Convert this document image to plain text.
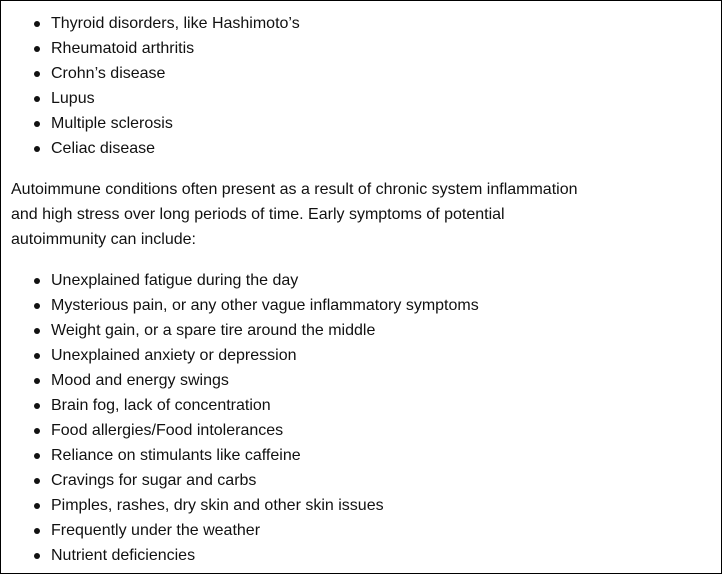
Thyroid disorders, like Hashimoto’s
Rheumatoid arthritis
Crohn’s disease
Lupus
Multiple sclerosis
Celiac disease

Autoimmune conditions often present as a result of chronic system inflammation and high stress over long periods of time. Early symptoms of potential autoimmunity can include:

Unexplained fatigue during the day
Mysterious pain, or any other vague inflammatory symptoms
Weight gain, or a spare tire around the middle
Unexplained anxiety or depression
Mood and energy swings
Brain fog, lack of concentration
Food allergies/Food intolerances
Reliance on stimulants like caffeine
Cravings for sugar and carbs
Pimples, rashes, dry skin and other skin issues
Frequently under the weather
Nutrient deficiencies
